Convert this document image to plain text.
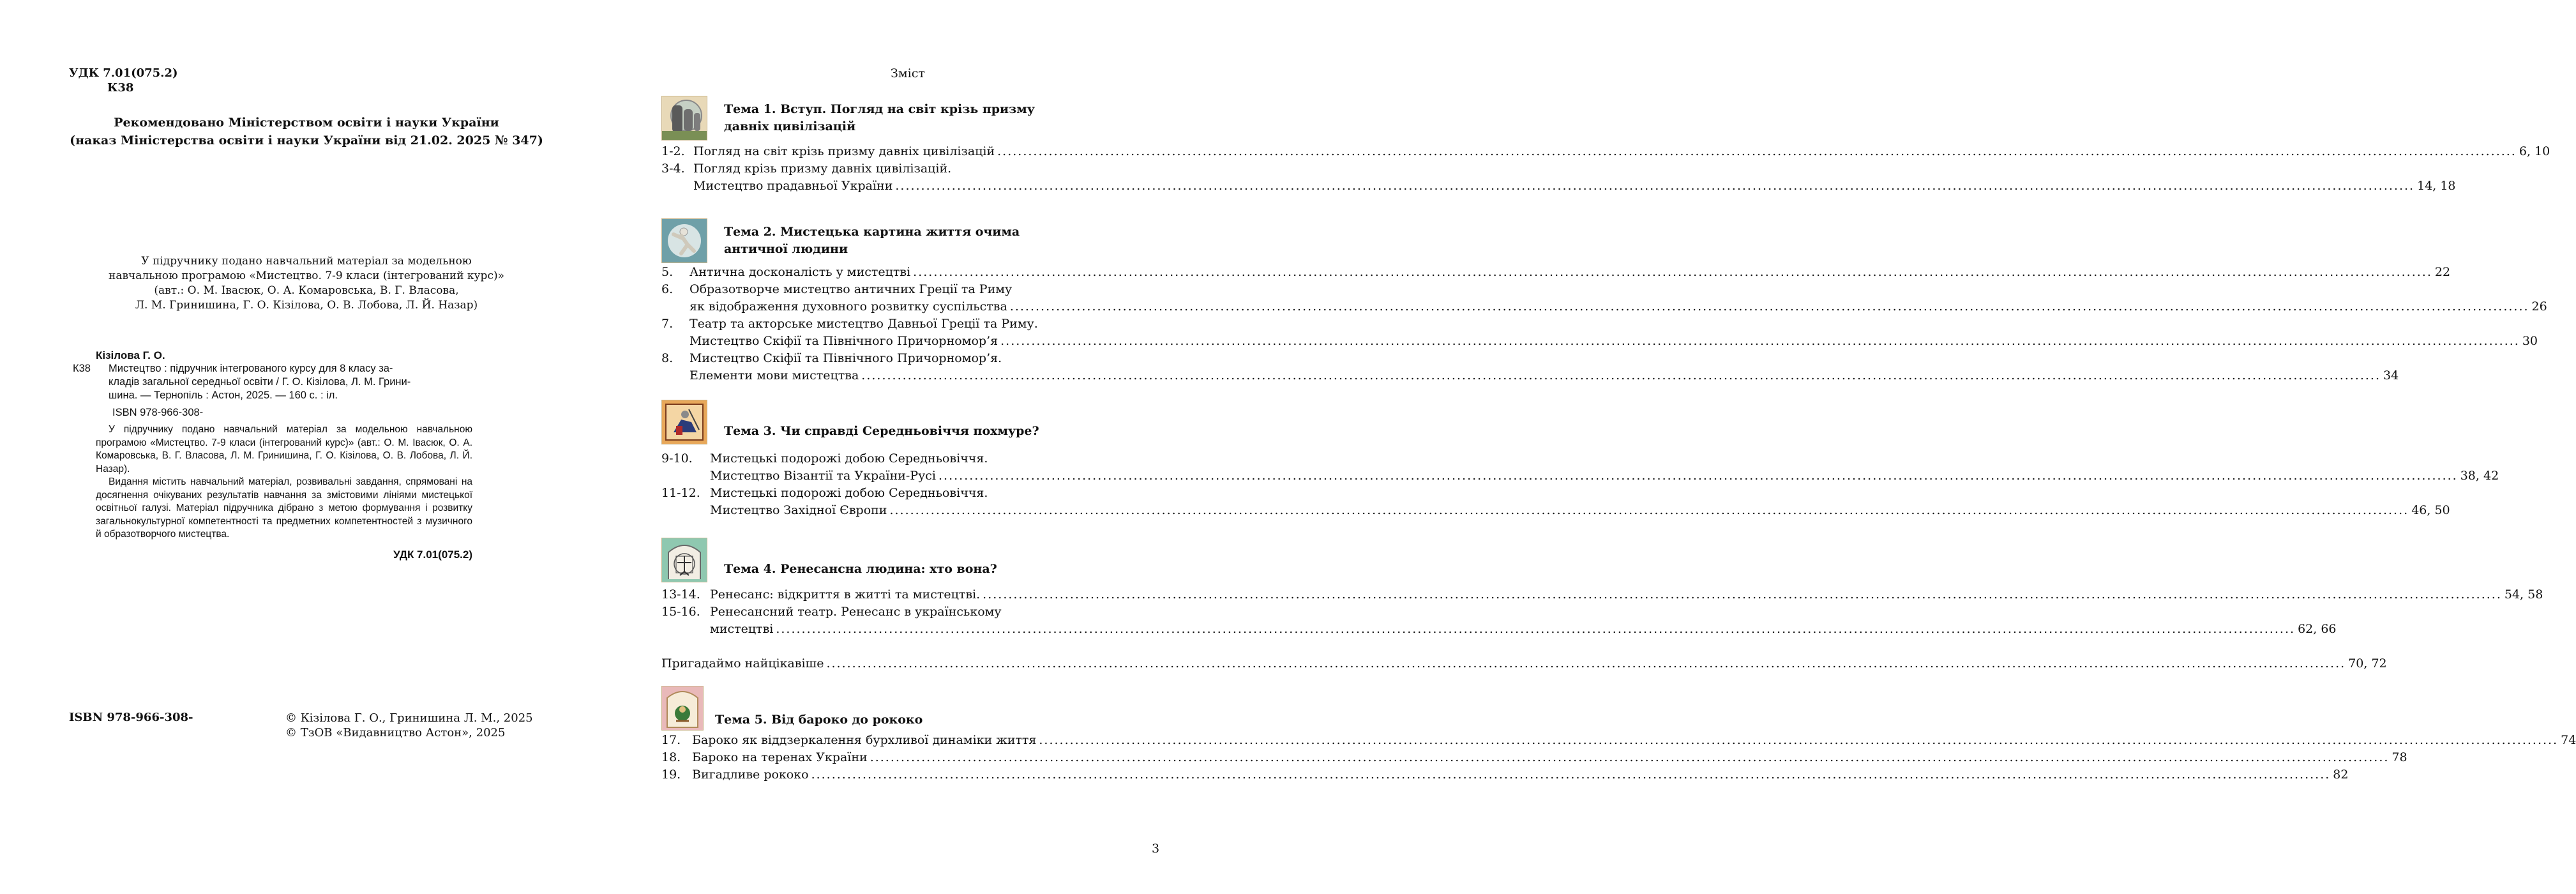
УДК 7.01(075.2)
К38
Рекомендовано Міністерством освіти і науки України
(наказ Міністерства освіти і науки України від 21.02. 2025 № 347)
У підручнику подано навчальний матеріал за модельною
навчальною програмою «Мистецтво. 7-9 класи (інтегрований курс)»
(авт.: О. М. Івасюк, О. А. Комаровська, В. Г. Власова,
Л. М. Гринишина, Г. О. Кізілова, О. В. Лобова, Л. Й. Назар)
Кізілова Г. О.
К38	Мистецтво : підручник інтегрованого курсу для 8 класу за-
кладів загальної середньої освіти / Г. О. Кізілова, Л. М. Грини-
шина. — Тернопіль : Астон, 2025. — 160 с. : іл.
ISBN 978-966-308-

У підручнику подано навчальний матеріал за модельною навчальною програмою «Мистецтво. 7-9 класи (інтегрований курс)» (авт.: О. М. Івасюк, О. А. Комаровська, В. Г. Власова, Л. М. Гринишина, Г. О. Кізілова, О. В. Лобова, Л. Й. Назар).

Видання містить навчальний матеріал, розвивальні завдання, спрямовані на досягнення очікуваних результатів навчання за змістовими лініями мистецької освітньої галузі. Матеріал підручника дібрано з метою формування і розвитку загальнокультурної компетентності та предметних компетентностей з музичного й образотворчого мистецтва.

УДК 7.01(075.2)
ISBN 978-966-308-	© Кізілова Г. О., Гринишина Л. М., 2025
© ТзОВ «Видавництво Астон», 2025
Зміст
Тема 1. Вступ. Погляд на світ крізь призму
давніх цивілізацій
1-2. Погляд на світ крізь призму давніх цивілізацій .....	6, 10
3-4. Погляд крізь призму давніх цивілізацій.
Мистецтво прадавньої України .....	14, 18
Тема 2. Мистецька картина життя очима
античної людини
5.	Антична досконалість у мистецтві .....	22
6.	Образотворче мистецтво античних Греції та Риму
як відображення духовного розвитку суспільства .....	26
7.	Театр та акторське мистецтво Давньої Греції та Риму.
Мистецтво Скіфії та Північного Причорномор’я .....	30
8.	Мистецтво Скіфії та Північного Причорномор’я.
Елементи мови мистецтва .....	34
Тема 3. Чи справді Середньовіччя похмуре?
9-10.	Мистецькі подорожі добою Середньовіччя.
Мистецтво Візантії та України-Русі .....	38, 42
11-12. Мистецькі подорожі добою Середньовіччя.
Мистецтво Західної Європи .....	46, 50
Тема 4. Ренесансна людина: хто вона?
13-14. Ренесанс: відкриття в житті та мистецтві. .....	54, 58
15-16. Ренесансний театр. Ренесанс в українському
мистецтві .....	62, 66
Пригадаймо найцікавіше .....	70, 72
Тема 5. Від бароко до рококо
17. Бароко як віддзеркалення бурхливої динаміки життя .....	74
18. Бароко на теренах України .....	78
19. Вигадливе рококо .....	82
3
